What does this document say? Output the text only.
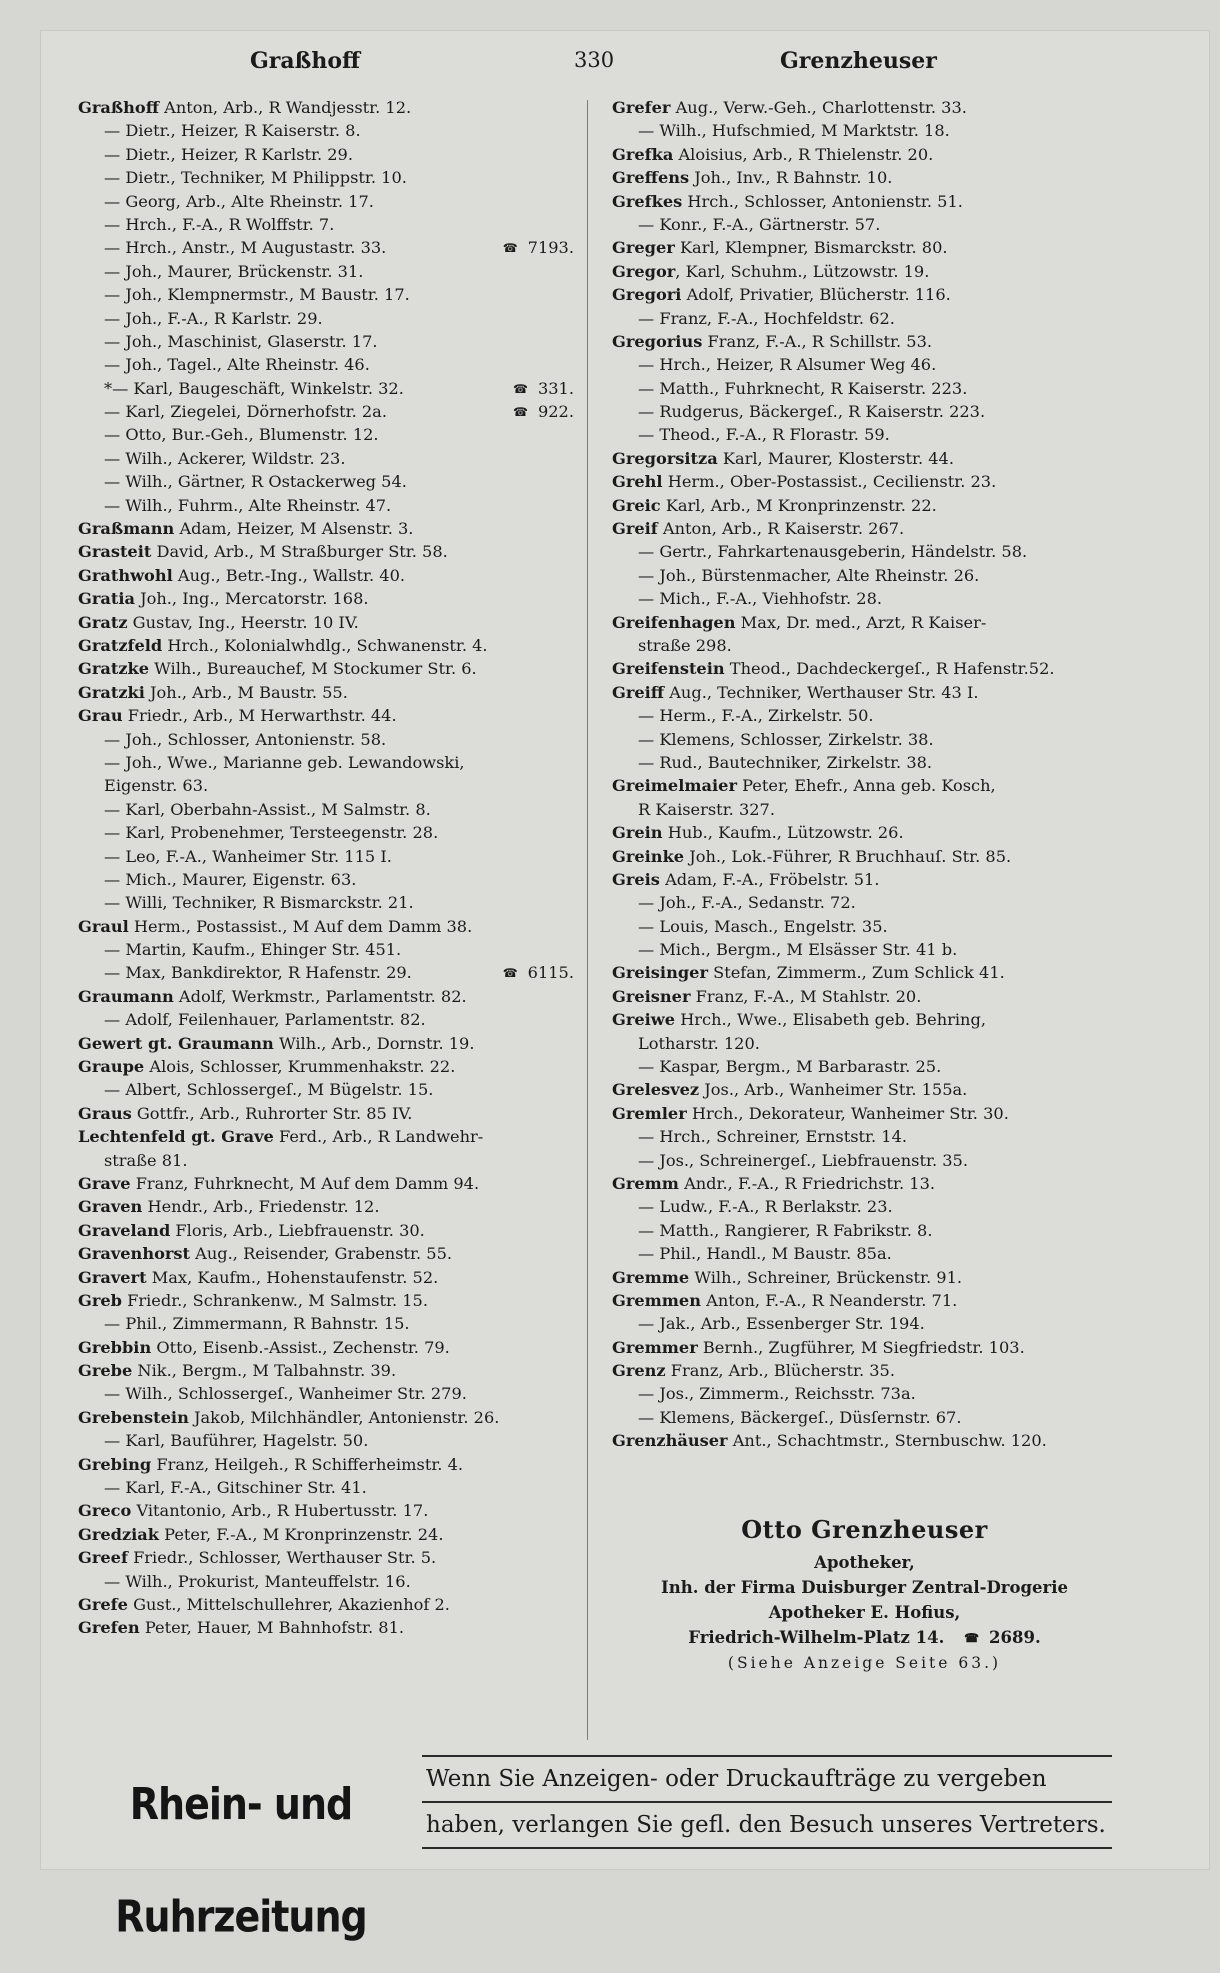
Graßhoff	330	Grenzheuser
Graßhoff Anton, Arb., R Wandjesstr. 12.
— Dietr., Heizer, R Kaiserstr. 8.
— Dietr., Heizer, R Karlstr. 29.
— Dietr., Techniker, M Philippstr. 10.
— Georg, Arb., Alte Rheinstr. 17.
— Hrch., F.-A., R Wolffstr. 7.
— Hrch., Anstr., M Augustastr. 33.	☎ 7193.
— Joh., Maurer, Brückenstr. 31.
— Joh., Klempnermstr., M Baustr. 17.
— Joh., F.-A., R Karlstr. 29.
— Joh., Maschinist, Glaserstr. 17.
— Joh., Tagel., Alte Rheinstr. 46.
*— Karl, Baugeschäft, Winkelstr. 32.	☎ 331.
— Karl, Ziegelei, Dörnerhofstr. 2a.	☎ 922.
— Otto, Bur.-Geh., Blumenstr. 12.
— Wilh., Ackerer, Wildstr. 23.
— Wilh., Gärtner, R Ostackerweg 54.
— Wilh., Fuhrm., Alte Rheinstr. 47.
Graßmann Adam, Heizer, M Alsenstr. 3.
Grasteit David, Arb., M Straßburger Str. 58.
Grathwohl Aug., Betr.-Ing., Wallstr. 40.
Gratia Joh., Ing., Mercatorstr. 168.
Gratz Gustav, Ing., Heerstr. 10 IV.
Gratzfeld Hrch., Kolonialwhdlg., Schwanenstr. 4.
Gratzke Wilh., Bureauchef, M Stockumer Str. 6.
Gratzki Joh., Arb., M Baustr. 55.
Grau Friedr., Arb., M Herwarthstr. 44.
— Joh., Schlosser, Antonienstr. 58.
— Joh., Wwe., Marianne geb. Lewandowski,
Eigenstr. 63.
— Karl, Oberbahn-Assist., M Salmstr. 8.
— Karl, Probenehmer, Tersteegenstr. 28.
— Leo, F.-A., Wanheimer Str. 115 I.
— Mich., Maurer, Eigenstr. 63.
— Willi, Techniker, R Bismarckstr. 21.
Graul Herm., Postassist., M Auf dem Damm 38.
— Martin, Kaufm., Ehinger Str. 451.
— Max, Bankdirektor, R Hafenstr. 29.	☎ 6115.
Graumann Adolf, Werkmstr., Parlamentstr. 82.
— Adolf, Feilenhauer, Parlamentstr. 82.
Gewert gt. Graumann Wilh., Arb., Dornstr. 19.
Graupe Alois, Schlosser, Krummenhakstr. 22.
— Albert, Schlossergeſ., M Bügelstr. 15.
Graus Gottfr., Arb., Ruhrorter Str. 85 IV.
Lechtenfeld gt. Grave Ferd., Arb., R Landwehr-
straße 81.
Grave Franz, Fuhrknecht, M Auf dem Damm 94.
Graven Hendr., Arb., Friedenstr. 12.
Graveland Floris, Arb., Liebfrauenstr. 30.
Gravenhorst Aug., Reisender, Grabenstr. 55.
Gravert Max, Kaufm., Hohenstaufenstr. 52.
Greb Friedr., Schrankenw., M Salmstr. 15.
— Phil., Zimmermann, R Bahnstr. 15.
Grebbin Otto, Eisenb.-Assist., Zechenstr. 79.
Grebe Nik., Bergm., M Talbahnstr. 39.
— Wilh., Schlossergeſ., Wanheimer Str. 279.
Grebenstein Jakob, Milchhändler, Antonienstr. 26.
— Karl, Bauführer, Hagelstr. 50.
Grebing Franz, Heilgeh., R Schifferheimstr. 4.
— Karl, F.-A., Gitschiner Str. 41.
Greco Vitantonio, Arb., R Hubertusstr. 17.
Gredziak Peter, F.-A., M Kronprinzenstr. 24.
Greef Friedr., Schlosser, Werthauser Str. 5.
— Wilh., Prokurist, Manteuffelstr. 16.
Grefe Gust., Mittelschullehrer, Akazienhof 2.
Grefen Peter, Hauer, M Bahnhofstr. 81.
Grefer Aug., Verw.-Geh., Charlottenstr. 33.
— Wilh., Hufschmied, M Marktstr. 18.
Grefka Aloisius, Arb., R Thielenstr. 20.
Greffens Joh., Inv., R Bahnstr. 10.
Grefkes Hrch., Schlosser, Antonienstr. 51.
— Konr., F.-A., Gärtnerstr. 57.
Greger Karl, Klempner, Bismarckstr. 80.
Gregor, Karl, Schuhm., Lützowstr. 19.
Gregori Adolf, Privatier, Blücherstr. 116.
— Franz, F.-A., Hochfeldstr. 62.
Gregorius Franz, F.-A., R Schillstr. 53.
— Hrch., Heizer, R Alsumer Weg 46.
— Matth., Fuhrknecht, R Kaiserstr. 223.
— Rudgerus, Bäckergeſ., R Kaiserstr. 223.
— Theod., F.-A., R Florastr. 59.
Gregorsitza Karl, Maurer, Klosterstr. 44.
Grehl Herm., Ober-Postassist., Cecilienstr. 23.
Greic Karl, Arb., M Kronprinzenstr. 22.
Greif Anton, Arb., R Kaiserstr. 267.
— Gertr., Fahrkartenausgeberin, Händelstr. 58.
— Joh., Bürstenmacher, Alte Rheinstr. 26.
— Mich., F.-A., Viehhofstr. 28.
Greifenhagen Max, Dr. med., Arzt, R Kaiser-
straße 298.
Greifenstein Theod., Dachdeckergeſ., R Hafenstr.52.
Greiff Aug., Techniker, Werthauser Str. 43 I.
— Herm., F.-A., Zirkelstr. 50.
— Klemens, Schlosser, Zirkelstr. 38.
— Rud., Bautechniker, Zirkelstr. 38.
Greimelmaier Peter, Ehefr., Anna geb. Kosch,
R Kaiserstr. 327.
Grein Hub., Kaufm., Lützowstr. 26.
Greinke Joh., Lok.-Führer, R Bruchhauſ. Str. 85.
Greis Adam, F.-A., Fröbelstr. 51.
— Joh., F.-A., Sedanstr. 72.
— Louis, Masch., Engelstr. 35.
— Mich., Bergm., M Elsässer Str. 41 b.
Greisinger Stefan, Zimmerm., Zum Schlick 41.
Greisner Franz, F.-A., M Stahlstr. 20.
Greiwe Hrch., Wwe., Elisabeth geb. Behring,
Lotharstr. 120.
— Kaspar, Bergm., M Barbarastr. 25.
Grelesvez Jos., Arb., Wanheimer Str. 155a.
Gremler Hrch., Dekorateur, Wanheimer Str. 30.
— Hrch., Schreiner, Ernststr. 14.
— Jos., Schreinergeſ., Liebfrauenstr. 35.
Gremm Andr., F.-A., R Friedrichstr. 13.
— Ludw., F.-A., R Berlakstr. 23.
— Matth., Rangierer, R Fabrikstr. 8.
— Phil., Handl., M Baustr. 85a.
Gremme Wilh., Schreiner, Brückenstr. 91.
Gremmen Anton, F.-A., R Neanderstr. 71.
— Jak., Arb., Essenberger Str. 194.
Gremmer Bernh., Zugführer, M Siegfriedstr. 103.
Grenz Franz, Arb., Blücherstr. 35.
— Jos., Zimmerm., Reichsstr. 73a.
— Klemens, Bäckergeſ., Düsſernstr. 67.
Grenzhäuser Ant., Schachtmstr., Sternbuschw. 120.
Otto Grenzheuser
Apotheker,
Inh. der Firma Duisburger Zentral-Drogerie
Apotheker E. Hofius,
Friedrich-Wilhelm-Platz 14. ☎ 2689.
(Siehe Anzeige Seite 63.)
Rhein- und Ruhrzeitung
Wenn Sie Anzeigen- oder Druckaufträge zu vergeben
haben, verlangen Sie gefl. den Besuch unseres Vertreters.
